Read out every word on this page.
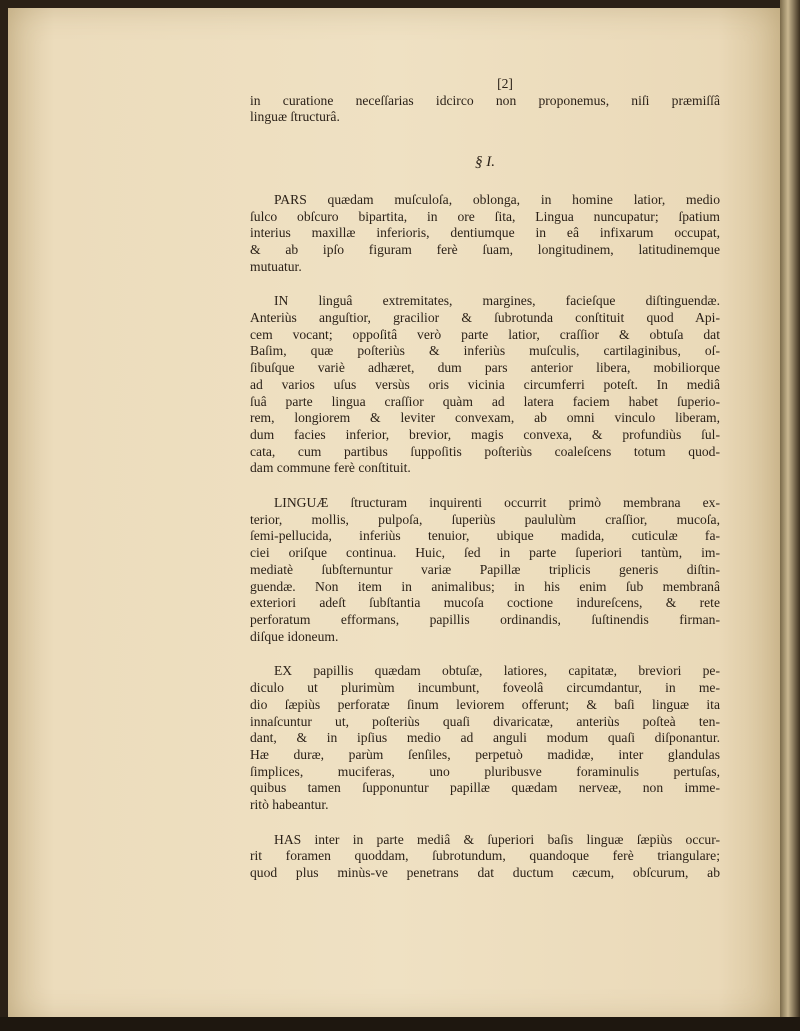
[2]

in curatione neceſſarias idcirco non proponemus, niſi præmiſſâ

linguæ ſtructurâ.

§ I.

PARS quædam muſculoſa, oblonga, in homine latior, medio

ſulco obſcuro bipartita, in ore ſita, Lingua nuncupatur; ſpatium

interius maxillæ inferioris, dentiumque in eâ infixarum occupat,

& ab ipſo figuram ferè ſuam, longitudinem, latitudinemque

mutuatur.

IN linguâ extremitates, margines, facieſque diſtinguendæ.

Anteriùs anguſtior, gracilior & ſubrotunda conſtituit quod Api-

cem vocant; oppoſitâ verò parte latior, craſſior & obtuſa dat

Baſim, quæ poſteriùs & inferiùs muſculis, cartilaginibus, oſ-

ſibuſque variè adhæret, dum pars anterior libera, mobiliorque

ad varios uſus versùs oris vicinia circumferri poteſt. In mediâ

ſuâ parte lingua craſſior quàm ad latera faciem habet ſuperio-

rem, longiorem & leviter convexam, ab omni vinculo liberam,

dum facies inferior, brevior, magis convexa, & profundiùs ſul-

cata, cum partibus ſuppoſitis poſteriùs coaleſcens totum quod-

dam commune ferè conſtituit.

LINGUÆ ſtructuram inquirenti occurrit primò membrana ex-

terior, mollis, pulpoſa, ſuperiùs paululùm craſſior, mucoſa,

ſemi-pellucida, inferiùs tenuior, ubique madida, cuticulæ fa-

ciei oriſque continua. Huic, ſed in parte ſuperiori tantùm, im-

mediatè ſubſternuntur variæ Papillæ triplicis generis diſtin-

guendæ. Non item in animalibus; in his enim ſub membranâ

exteriori adeſt ſubſtantia mucoſa coctione indureſcens, & rete

perforatum efformans, papillis ordinandis, ſuſtinendis firman-

diſque idoneum.

EX papillis quædam obtuſæ, latiores, capitatæ, breviori pe-

diculo ut plurimùm incumbunt, foveolâ circumdantur, in me-

dio ſæpiùs perforatæ ſinum leviorem offerunt; & baſi linguæ ita

innaſcuntur ut, poſteriùs quaſi divaricatæ, anteriùs poſteà ten-

dant, & in ipſius medio ad anguli modum quaſi diſponantur.

Hæ duræ, parùm ſenſiles, perpetuò madidæ, inter glandulas

ſimplices, muciferas, uno pluribusve foraminulis pertuſas,

quibus tamen ſupponuntur papillæ quædam nerveæ, non imme-

ritò habeantur.

HAS inter in parte mediâ & ſuperiori baſis linguæ ſæpiùs occur-

rit foramen quoddam, ſubrotundum, quandoque ferè triangulare;

quod plus minùs-ve penetrans dat ductum cæcum, obſcurum, ab
